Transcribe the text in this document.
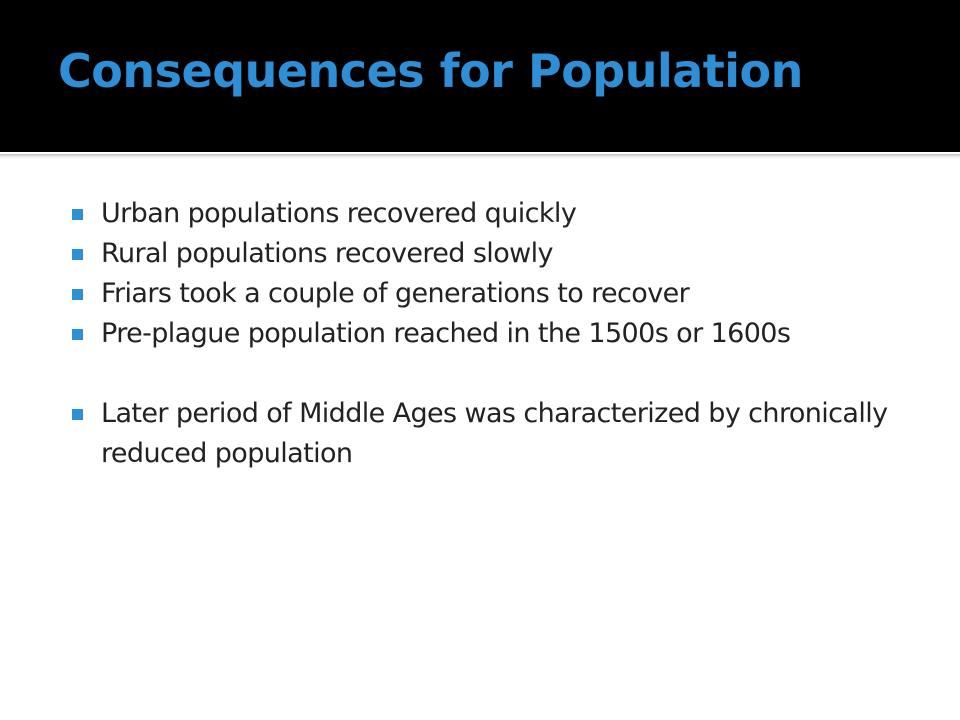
Consequences for Population
Urban populations recovered quickly
Rural populations recovered slowly
Friars took a couple of generations to recover
Pre-plague population reached in the 1500s or 1600s
Later period of Middle Ages was characterized by chronically reduced population
